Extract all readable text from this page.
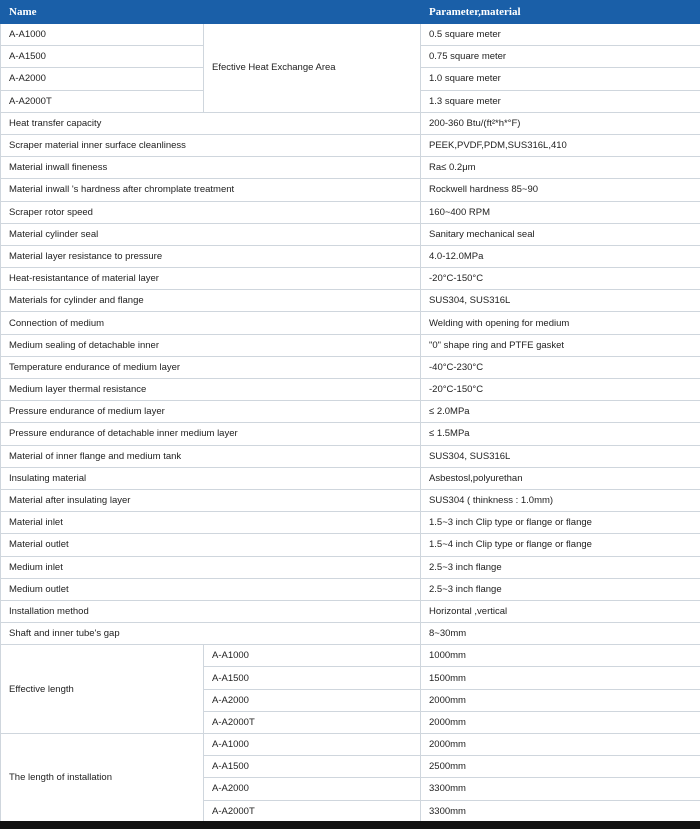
Name		Parameter,material
A-A1000	Efective Heat Exchange Area	0.5 square meter
A-A1500		0.75 square meter
A-A2000		1.0 square meter
A-A2000T		1.3 square meter
Heat transfer capacity		200-360 Btu/(ft²*h*°F)
Scraper material inner surface cleanliness		PEEK,PVDF,PDM,SUS316L,410
Material inwall fineness		Ra≤ 0.2μm
Material inwall 's hardness after chromplate treatment		Rockwell hardness 85~90
Scraper rotor speed		160~400 RPM
Material cylinder seal		Sanitary mechanical seal
Material layer resistance to pressure		4.0-12.0MPa
Heat-resistantance of material layer		-20°C-150°C
Materials for cylinder and flange		SUS304, SUS316L
Connection of medium		Welding with opening for medium
Medium sealing of detachable inner		"0" shape ring and PTFE gasket
Temperature endurance of medium layer		-40°C-230°C
Medium layer thermal resistance		-20°C-150°C
Pressure endurance of medium layer		≤ 2.0MPa
Pressure endurance of detachable inner medium layer		≤ 1.5MPa
Material of inner flange and medium tank		SUS304, SUS316L
Insulating material		Asbestosl,polyurethan
Material after insulating layer		SUS304 ( thinkness : 1.0mm)
Material inlet		1.5~3 inch Clip type or flange or flange
Material outlet		1.5~4 inch Clip type or flange or flange
Medium inlet		2.5~3 inch flange
Medium outlet		2.5~3 inch flange
Installation method		Horizontal ,vertical
Shaft and inner tube's gap		8~30mm
Effective length	A-A1000	1000mm
	A-A1500	1500mm
	A-A2000	2000mm
	A-A2000T	2000mm
The length of installation	A-A1000	2000mm
	A-A1500	2500mm
	A-A2000	3300mm
	A-A2000T	3300mm
